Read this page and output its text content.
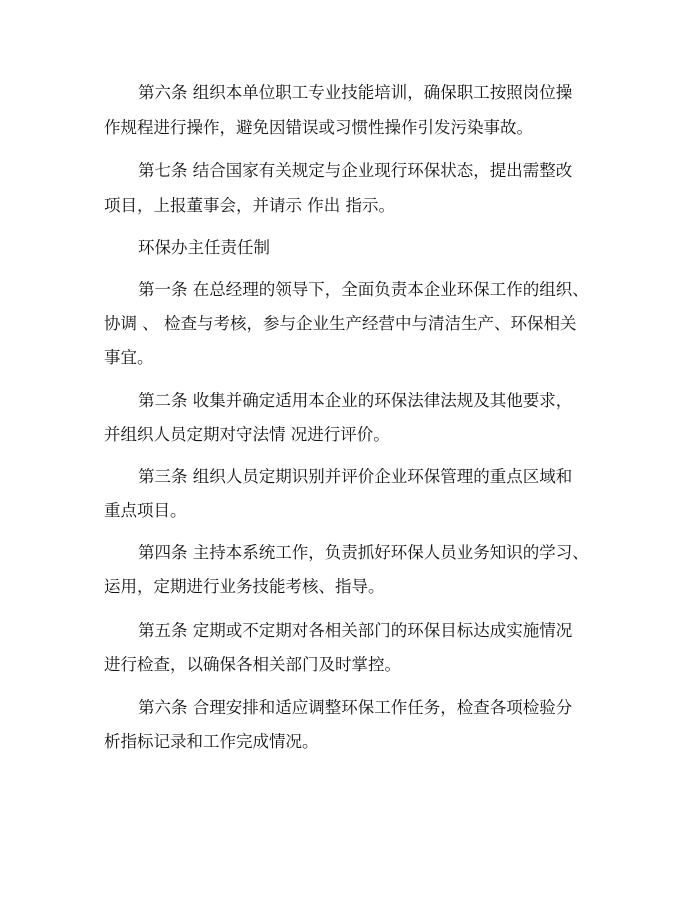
第六条 组织本单位职工专业技能培训，确保职工按照岗位操
作规程进行操作，避免因错误或习惯性操作引发污染事故。
第七条 结合国家有关规定与企业现行环保状态，提出需整改
项目，上报董事会，并请示 作出 指示。
环保办主任责任制
第一条 在总经理的领导下，全面负责本企业环保工作的组织、
协调 、 检查与考核，参与企业生产经营中与清洁生产、环保相关
事宜。
第二条 收集并确定适用本企业的环保法律法规及其他要求，
并组织人员定期对守法情 况进行评价。
第三条 组织人员定期识别并评价企业环保管理的重点区域和
重点项目。
第四条 主持本系统工作，负责抓好环保人员业务知识的学习、
运用，定期进行业务技能考核、指导。
第五条 定期或不定期对各相关部门的环保目标达成实施情况
进行检查，以确保各相关部门及时掌控。
第六条 合理安排和适应调整环保工作任务，检查各项检验分
析指标记录和工作完成情况。
